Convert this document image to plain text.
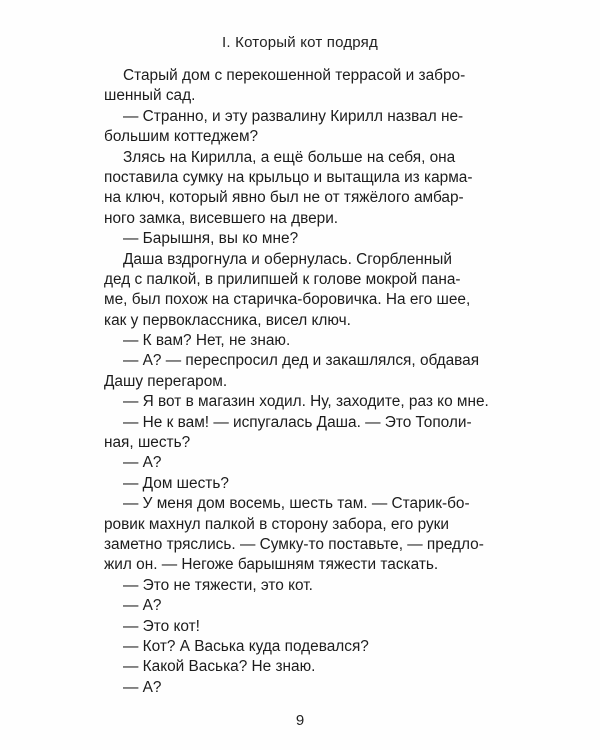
I. Который кот подряд
Старый дом с перекошенной террасой и забро-
шенный сад.
— Странно, и эту развалину Кирилл назвал не-
большим коттеджем?
Злясь на Кирилла, а ещё больше на себя, она
поставила сумку на крыльцо и вытащила из карма-
на ключ, который явно был не от тяжёлого амбар-
ного замка, висевшего на двери.
— Барышня, вы ко мне?
Даша вздрогнула и обернулась. Сгорбленный
дед с палкой, в прилипшей к голове мокрой пана-
ме, был похож на старичка-боровичка. На его шее,
как у первоклассника, висел ключ.
— К вам? Нет, не знаю.
— А? — переспросил дед и закашлялся, обдавая
Дашу перегаром.
— Я вот в магазин ходил. Ну, заходите, раз ко мне.
— Не к вам! — испугалась Даша. — Это Тополи-
ная, шесть?
— А?
— Дом шесть?
— У меня дом восемь, шесть там. — Старик-бо-
ровик махнул палкой в сторону забора, его руки
заметно тряслись. — Сумку-то поставьте, — предло-
жил он. — Негоже барышням тяжести таскать.
— Это не тяжести, это кот.
— А?
— Это кот!
— Кот? А Васька куда подевался?
— Какой Васька? Не знаю.
— А?
9
